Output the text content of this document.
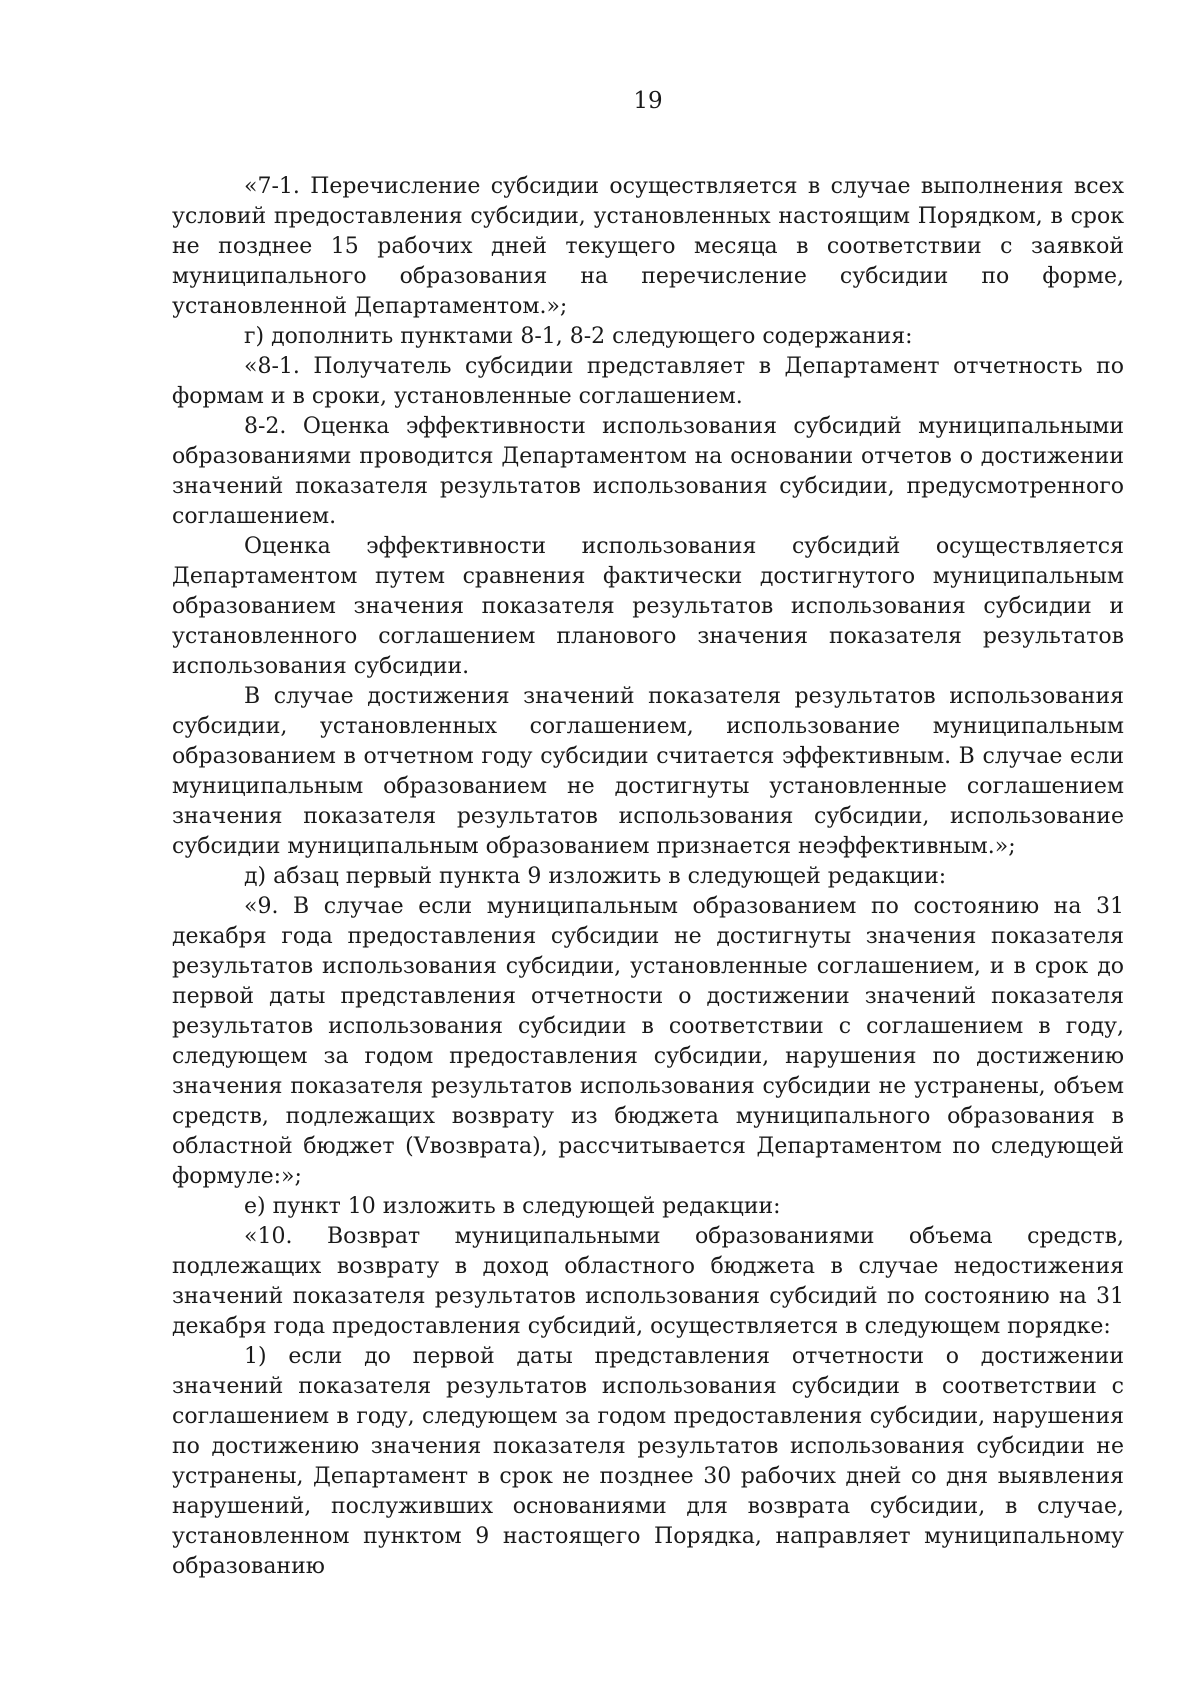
19

«7-1. Перечисление субсидии осуществляется в случае выполнения всех условий предоставления субсидии, установленных настоящим Порядком, в срок не позднее 15 рабочих дней текущего месяца в соответствии с заявкой муниципального образования на перечисление субсидии по форме, установленной Департаментом.»;

г) дополнить пунктами 8-1, 8-2 следующего содержания:

«8-1. Получатель субсидии представляет в Департамент отчетность по формам и в сроки, установленные соглашением.

8-2. Оценка эффективности использования субсидий муниципальными образованиями проводится Департаментом на основании отчетов о достижении значений показателя результатов использования субсидии, предусмотренного соглашением.

Оценка эффективности использования субсидий осуществляется Департаментом путем сравнения фактически достигнутого муниципальным образованием значения показателя результатов использования субсидии и установленного соглашением планового значения показателя результатов использования субсидии.

В случае достижения значений показателя результатов использования субсидии, установленных соглашением, использование муниципальным образованием в отчетном году субсидии считается эффективным. В случае если муниципальным образованием не достигнуты установленные соглашением значения показателя результатов использования субсидии, использование субсидии муниципальным образованием признается неэффективным.»;

д) абзац первый пункта 9 изложить в следующей редакции:

«9. В случае если муниципальным образованием по состоянию на 31 декабря года предоставления субсидии не достигнуты значения показателя результатов использования субсидии, установленные соглашением, и в срок до первой даты представления отчетности о достижении значений показателя результатов использования субсидии в соответствии с соглашением в году, следующем за годом предоставления субсидии, нарушения по достижению значения показателя результатов использования субсидии не устранены, объем средств, подлежащих возврату из бюджета муниципального образования в областной бюджет (Vвозврата), рассчитывается Департаментом по следующей формуле:»;

е) пункт 10 изложить в следующей редакции:

«10. Возврат муниципальными образованиями объема средств, подлежащих возврату в доход областного бюджета в случае недостижения значений показателя результатов использования субсидий по состоянию на 31 декабря года предоставления субсидий, осуществляется в следующем порядке:

1) если до первой даты представления отчетности о достижении значений показателя результатов использования субсидии в соответствии с соглашением в году, следующем за годом предоставления субсидии, нарушения по достижению значения показателя результатов использования субсидии не устранены, Департамент в срок не позднее 30 рабочих дней со дня выявления нарушений, послуживших основаниями для возврата субсидии, в случае, установленном пунктом 9 настоящего Порядка, направляет муниципальному образованию
